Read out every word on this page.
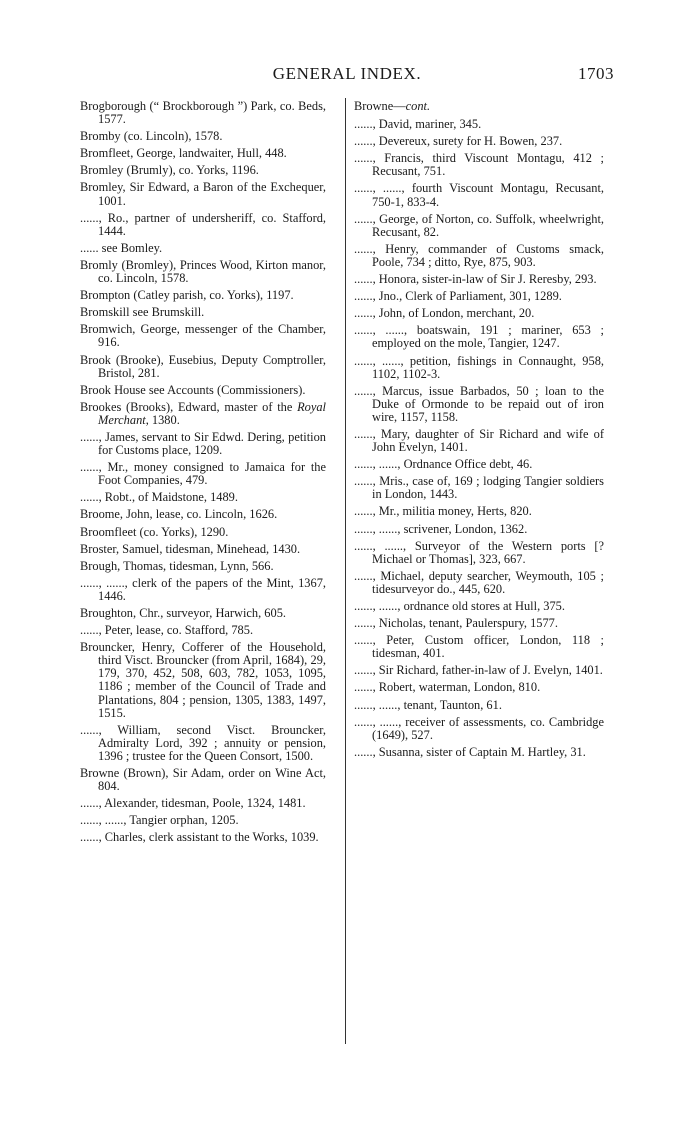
GENERAL INDEX.	1703
Brogborough (“ Brockborough ”) Park, co. Beds, 1577.
Bromby (co. Lincoln), 1578.
Bromfleet, George, landwaiter, Hull, 448.
Bromley (Brumly), co. Yorks, 1196.
Bromley, Sir Edward, a Baron of the Exchequer, 1001.
......, Ro., partner of undersheriff, co. Stafford, 1444.
...... see Bomley.
Bromly (Bromley), Princes Wood, Kirton manor, co. Lincoln, 1578.
Brompton (Catley parish, co. Yorks), 1197.
Bromskill see Brumskill.
Bromwich, George, messenger of the Chamber, 916.
Brook (Brooke), Eusebius, Deputy Comptroller, Bristol, 281.
Brook House see Accounts (Commissioners).
Brookes (Brooks), Edward, master of the Royal Merchant, 1380.
......, James, servant to Sir Edwd. Dering, petition for Customs place, 1209.
......, Mr., money consigned to Jamaica for the Foot Companies, 479.
......, Robt., of Maidstone, 1489.
Broome, John, lease, co. Lincoln, 1626.
Broomfleet (co. Yorks), 1290.
Broster, Samuel, tidesman, Minehead, 1430.
Brough, Thomas, tidesman, Lynn, 566.
......, ......, clerk of the papers of the Mint, 1367, 1446.
Broughton, Chr., surveyor, Harwich, 605.
......, Peter, lease, co. Stafford, 785.
Brouncker, Henry, Cofferer of the Household, third Visct. Brouncker (from April, 1684), 29, 179, 370, 452, 508, 603, 782, 1053, 1095, 1186 ; member of the Council of Trade and Plantations, 804 ; pension, 1305, 1383, 1497, 1515.
......, William, second Visct. Brouncker, Admiralty Lord, 392 ; annuity or pension, 1396 ; trustee for the Queen Consort, 1500.
Browne (Brown), Sir Adam, order on Wine Act, 804.
......, Alexander, tidesman, Poole, 1324, 1481.
......, ......, Tangier orphan, 1205.
......, Charles, clerk assistant to the Works, 1039.
Browne—cont.
......, David, mariner, 345.
......, Devereux, surety for H. Bowen, 237.
......, Francis, third Viscount Montagu, 412 ; Recusant, 751.
......, ......, fourth Viscount Montagu, Recusant, 750-1, 833-4.
......, George, of Norton, co. Suffolk, wheelwright, Recusant, 82.
......, Henry, commander of Customs smack, Poole, 734 ; ditto, Rye, 875, 903.
......, Honora, sister-in-law of Sir J. Reresby, 293.
......, Jno., Clerk of Parliament, 301, 1289.
......, John, of London, merchant, 20.
......, ......, boatswain, 191 ; mariner, 653 ; employed on the mole, Tangier, 1247.
......, ......, petition, fishings in Connaught, 958, 1102, 1102-3.
......, Marcus, issue Barbados, 50 ; loan to the Duke of Ormonde to be repaid out of iron wire, 1157, 1158.
......, Mary, daughter of Sir Richard and wife of John Evelyn, 1401.
......, ......, Ordnance Office debt, 46.
......, Mris., case of, 169 ; lodging Tangier soldiers in London, 1443.
......, Mr., militia money, Herts, 820.
......, ......, scrivener, London, 1362.
......, ......, Surveyor of the Western ports [? Michael or Thomas], 323, 667.
......, Michael, deputy searcher, Weymouth, 105 ; tidesurveyor do., 445, 620.
......, ......, ordnance old stores at Hull, 375.
......, Nicholas, tenant, Paulerspury, 1577.
......, Peter, Custom officer, London, 118 ; tidesman, 401.
......, Sir Richard, father-in-law of J. Evelyn, 1401.
......, Robert, waterman, London, 810.
......, ......, tenant, Taunton, 61.
......, ......, receiver of assessments, co. Cambridge (1649), 527.
......, Susanna, sister of Captain M. Hartley, 31.
